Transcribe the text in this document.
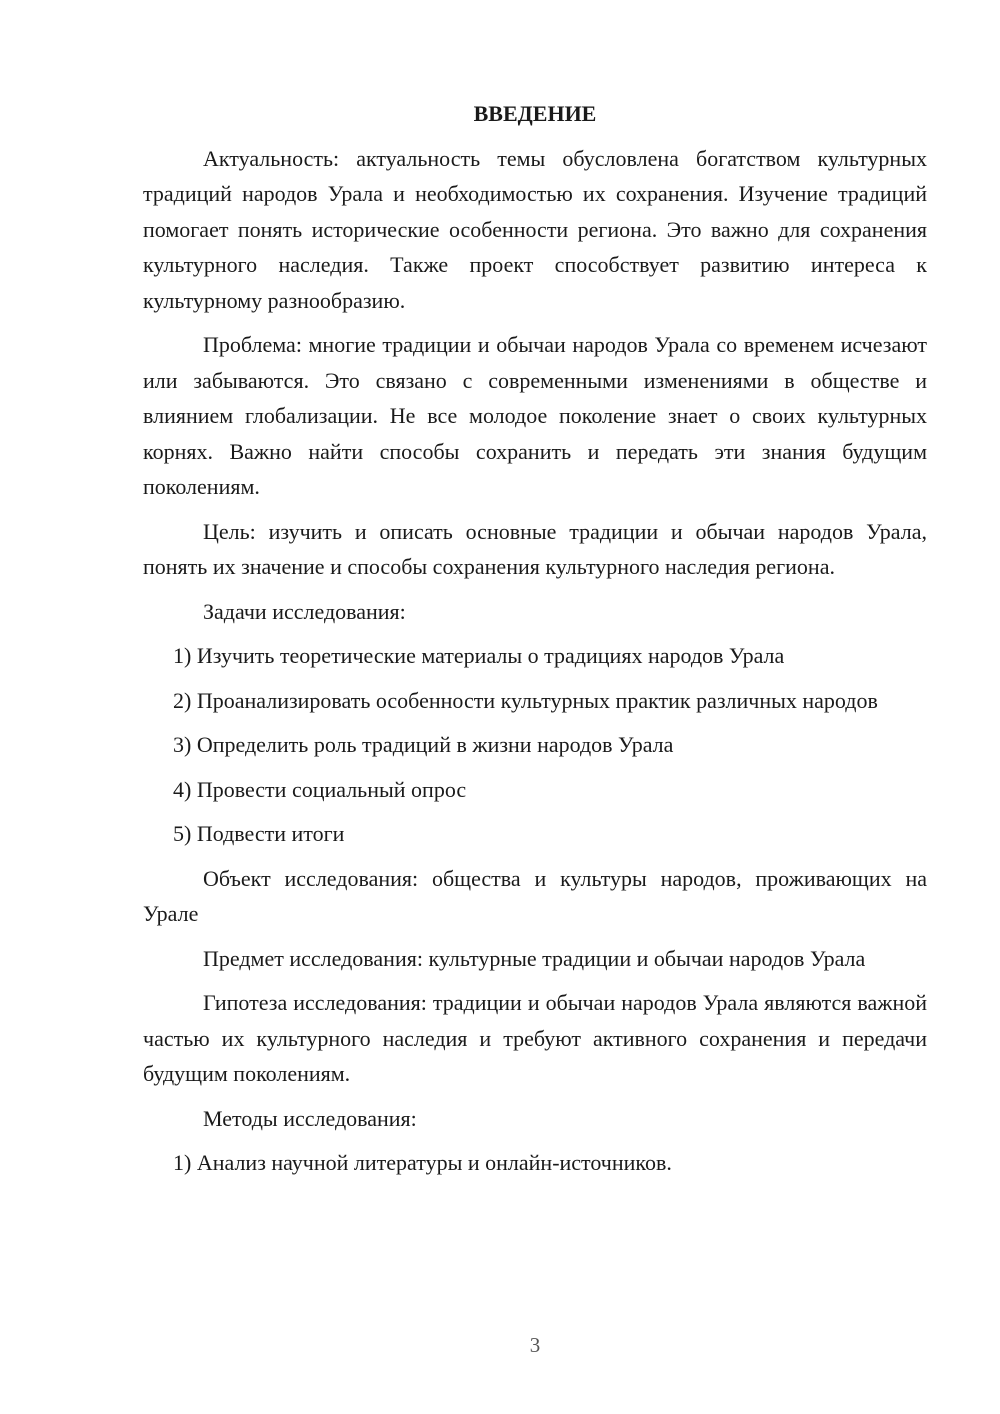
ВВЕДЕНИЕ

Актуальность: актуальность темы обусловлена богатством культурных традиций народов Урала и необходимостью их сохранения. Изучение традиций помогает понять исторические особенности региона. Это важно для сохранения культурного наследия. Также проект способствует развитию интереса к культурному разнообразию.

Проблема: многие традиции и обычаи народов Урала со временем исчезают или забываются. Это связано с современными изменениями в обществе и влиянием глобализации. Не все молодое поколение знает о своих культурных корнях. Важно найти способы сохранить и передать эти знания будущим поколениям.

Цель: изучить и описать основные традиции и обычаи народов Урала, понять их значение и способы сохранения культурного наследия региона.

Задачи исследования:

1) Изучить теоретические материалы о традициях народов Урала

2) Проанализировать особенности культурных практик различных народов

3) Определить роль традиций в жизни народов Урала

4) Провести социальный опрос

5) Подвести итоги

Объект исследования: общества и культуры народов, проживающих на Урале

Предмет исследования: культурные традиции и обычаи народов Урала

Гипотеза исследования: традиции и обычаи народов Урала являются важной частью их культурного наследия и требуют активного сохранения и передачи будущим поколениям.

Методы исследования:

1) Анализ научной литературы и онлайн-источников.

3
